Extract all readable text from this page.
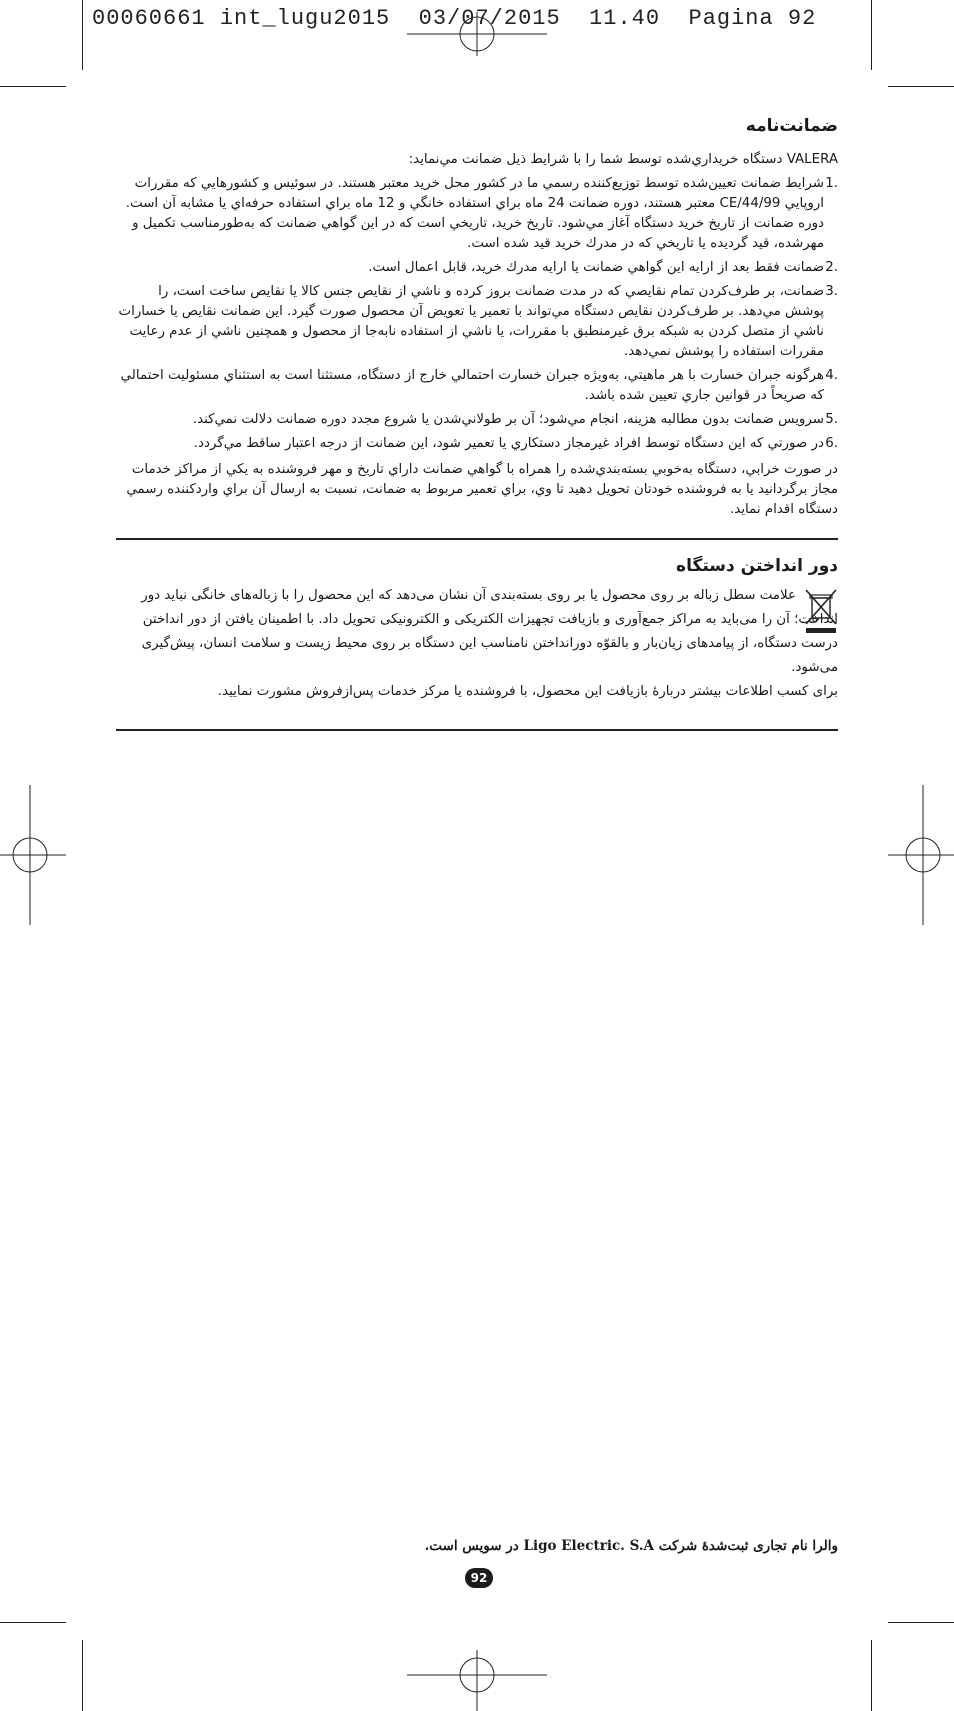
00060661 int_lugu2015  03/07/2015  11.40  Pagina 92
ضمانت‌نامه

VALERA دستگاه خريداري‌شده توسط شما را با شرايط ذيل ضمانت مي‌نمايد:

1.
شرايط ضمانت تعيين‌شده توسط توزيع‌كننده رسمي ما در كشور محل خريد معتبر هستند. در سوئيس و كشورهايي كه مقررات اروپايي 44/99/CE معتبر هستند، دوره ضمانت 24 ماه براي استفاده خانگي و 12 ماه براي استفاده حرفه‌اي يا مشابه آن است. دوره ضمانت از تاريخ خريد دستگاه آغاز مي‌شود. تاريخ خريد، تاريخي است كه در اين گواهي ضمانت كه به‌طورمناسب تكميل و مهرشده، قيد گرديده يا تاريخي كه در مدرك خريد قيد شده است.
2.
ضمانت فقط بعد از ارايه اين گواهي ضمانت يا ارايه مدرك خريد، قابل اعمال است.
3.
ضمانت، بر طرف‌كردن تمام نقايصي كه در مدت ضمانت بروز كرده و ناشي از نقايص جنس كالا يا نقايص ساخت است، را پوشش مي‌دهد. بر طرف‌كردن نقايص دستگاه مي‌تواند با تعمير يا تعويض آن محصول صورت گيرد. اين ضمانت نقايص يا خسارات ناشي از متصل كردن به شبكه برق غيرمنطبق با مقررات، يا ناشي از استفاده نابه‌جا از محصول و همچنين ناشي از عدم رعايت مقررات استفاده را پوشش نمي‌دهد.
4.
هرگونه جبران خسارت با هر ماهيتي، به‌ويژه جبران خسارت احتمالي خارج از دستگاه، مستثنا است به استثناي مسئوليت احتمالي كه صريحاً در قوانين جاري تعيين شده باشد.
5.
سرويس ضمانت بدون مطالبه هزينه، انجام مي‌شود؛ آن بر طولاني‌شدن يا شروع مجدد دوره ضمانت دلالت نمي‌كند.
6.
در صورتي كه اين دستگاه توسط افراد غيرمجاز دستكاري يا تعمير شود، اين ضمانت از درجه اعتبار ساقط مي‌گردد.

در صورت خرابي، دستگاه به‌خوبي بسته‌بندي‌شده را همراه با گواهي ضمانت داراي تاريخ و مهر فروشنده به يكي از مراكز خدمات مجاز برگردانيد يا به فروشنده خودتان تحويل دهيد تا وي، براي تعمير مربوط به ضمانت، نسبت به ارسال آن براي واردكننده رسمي دستگاه اقدام نمايد.

دور انداختن دستگاه

علامت سطل زباله بر روی محصول یا بر روی بسته‌بندی آن نشان می‌دهد که این محصول را با زباله‌های خانگی نباید دور انداخت؛ آن را می‌باید به مراکز جمع‌آوری و بازیافت تجهیزات الکتریکی و الکترونیکی تحویل داد. با اطمینان یافتن از دور انداختن درست دستگاه، از پیامدهای زیان‌بار و بالقوّه دورانداختن نامناسب این دستگاه بر روی محیط زیست و سلامت انسان، پیش‌گیری می‌شود.

برای کسب اطلاعات بیشتر دربارهٔ بازیافت این محصول، با فروشنده یا مرکز خدمات پس‌ازفروش مشورت نمایید.

والرا نام تجاری ثبت‌شدهٔ شرکت Ligo Electric. S.A در سویس است.
92
